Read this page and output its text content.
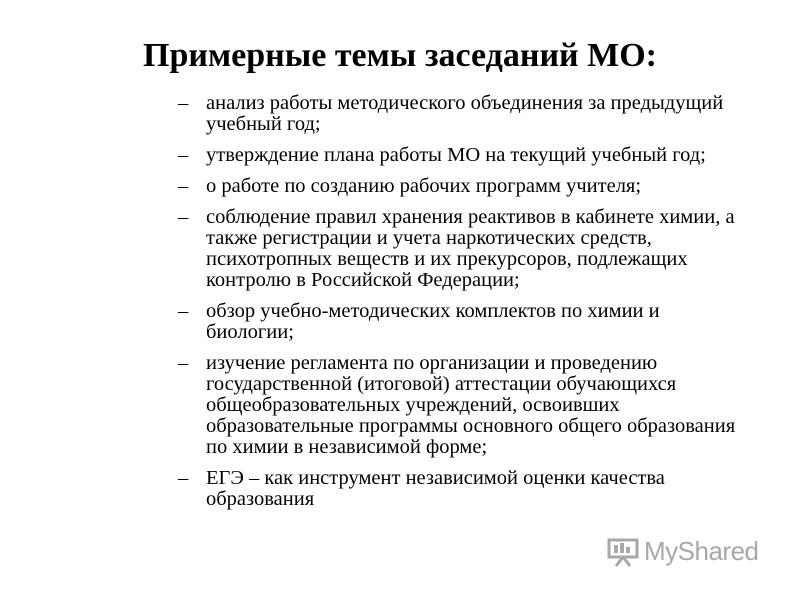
Примерные темы заседаний МО:
– анализ работы методического объединения за предыдущий учебный год;
– утверждение плана работы МО на текущий учебный год;
– о работе по созданию рабочих программ учителя;
– соблюдение правил хранения реактивов в кабинете химии, а также регистрации и учета наркотических средств, психотропных веществ и их прекурсоров, подлежащих контролю в Российской Федерации;
– обзор учебно-методических комплектов по химии и биологии;
– изучение регламента по организации и проведению государственной (итоговой) аттестации обучающихся общеобразовательных учреждений, освоивших образовательные программы основного общего образования по химии в независимой форме;
– ЕГЭ – как инструмент независимой оценки качества образования
MyShared
